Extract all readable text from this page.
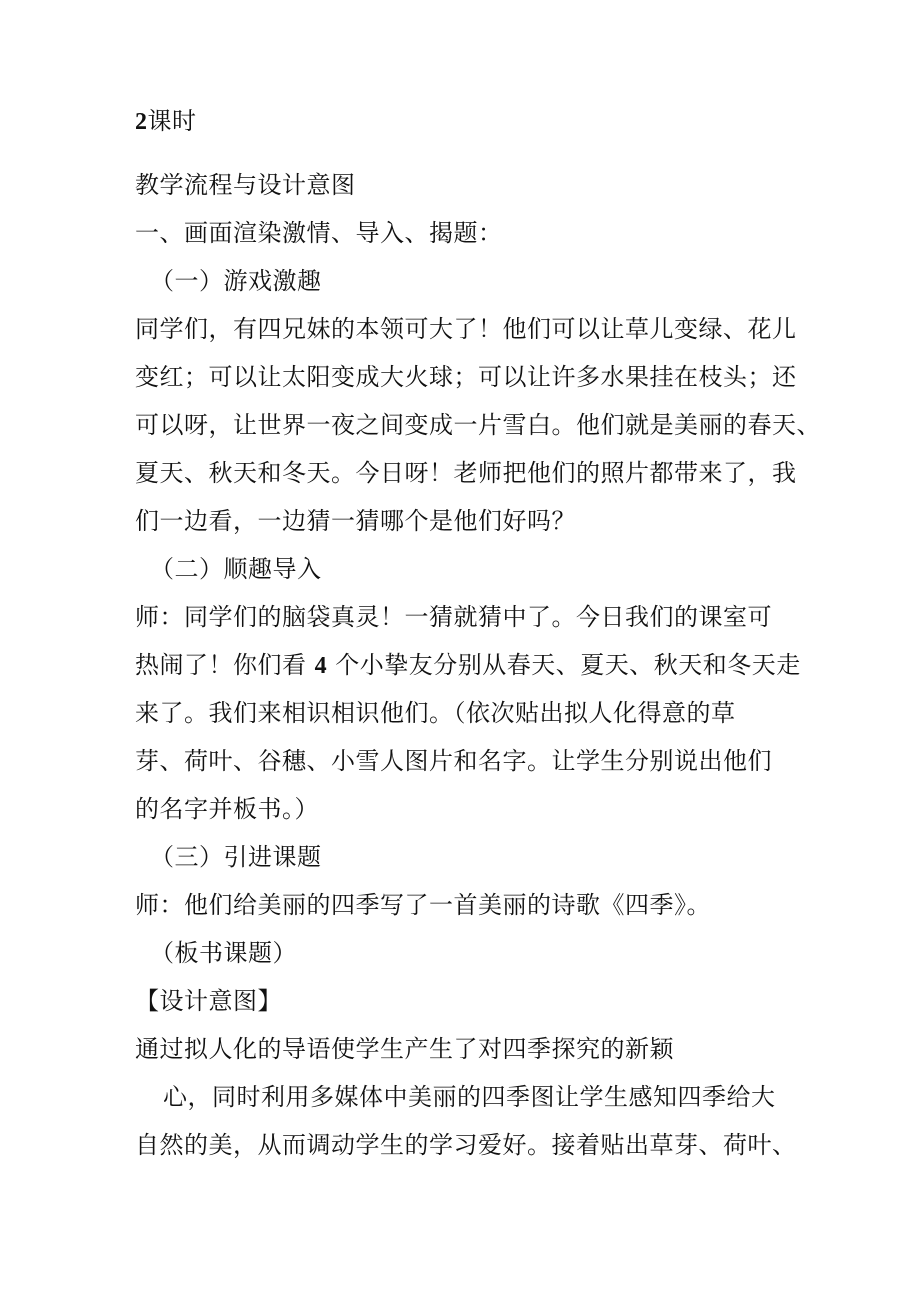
2课时
教学流程与设计意图
一、画面渲染激情、导入、揭题：
（一）游戏激趣
同学们，有四兄妹的本领可大了！他们可以让草儿变绿、花儿
变红；可以让太阳变成大火球；可以让许多水果挂在枝头；还
可以呀，让世界一夜之间变成一片雪白。他们就是美丽的春天、
夏天、秋天和冬天。今日呀！老师把他们的照片都带来了，我
们一边看，一边猜一猜哪个是他们好吗？
（二）顺趣导入
师：同学们的脑袋真灵！一猜就猜中了。今日我们的课室可
热闹了！你们看 4 个小挚友分别从春天、夏天、秋天和冬天走
来了。我们来相识相识他们。（依次贴出拟人化得意的草
芽、荷叶、谷穗、小雪人图片和名字。让学生分别说出他们
的名字并板书。）
（三）引进课题
师：他们给美丽的四季写了一首美丽的诗歌《四季》。
（板书课题）
【设计意图】
通过拟人化的导语使学生产生了对四季探究的新颖
心，同时利用多媒体中美丽的四季图让学生感知四季给大
自然的美，从而调动学生的学习爱好。接着贴出草芽、荷叶、
